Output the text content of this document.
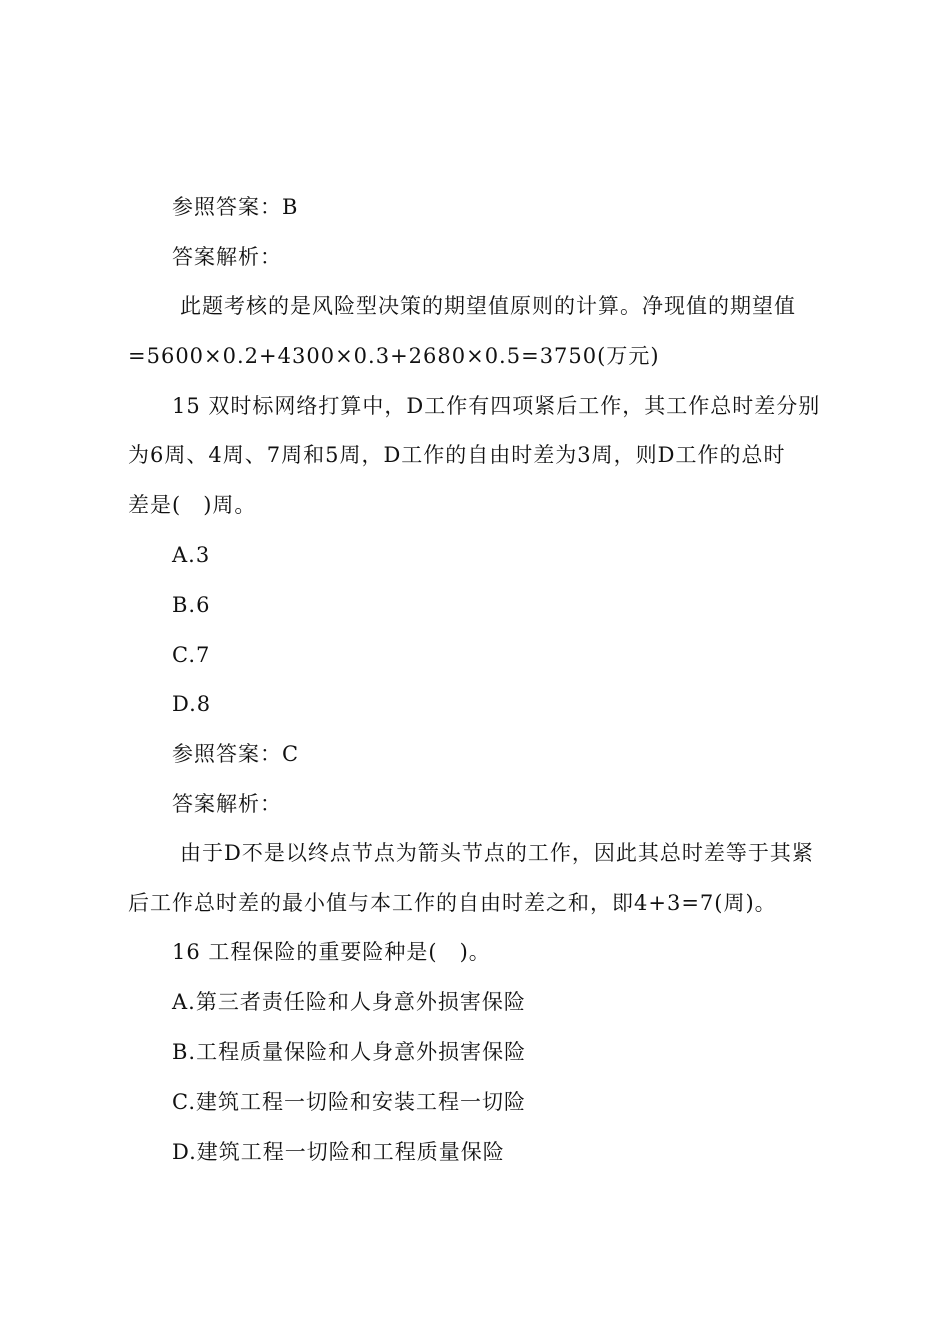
参照答案：B
答案解析：
此题考核的是风险型决策的期望值原则的计算。净现值的期望值
=5600×0.2+4300×0.3+2680×0.5=3750(万元)
15 双时标网络打算中，D工作有四项紧后工作，其工作总时差分别
为6周、4周、7周和5周，D工作的自由时差为3周，则D工作的总时
差是(　)周。
A.3
B.6
C.7
D.8
参照答案：C
答案解析：
由于D不是以终点节点为箭头节点的工作，因此其总时差等于其紧
后工作总时差的最小值与本工作的自由时差之和，即4+3=7(周)。
16 工程保险的重要险种是(　)。
A.第三者责任险和人身意外损害保险
B.工程质量保险和人身意外损害保险
C.建筑工程一切险和安装工程一切险
D.建筑工程一切险和工程质量保险
